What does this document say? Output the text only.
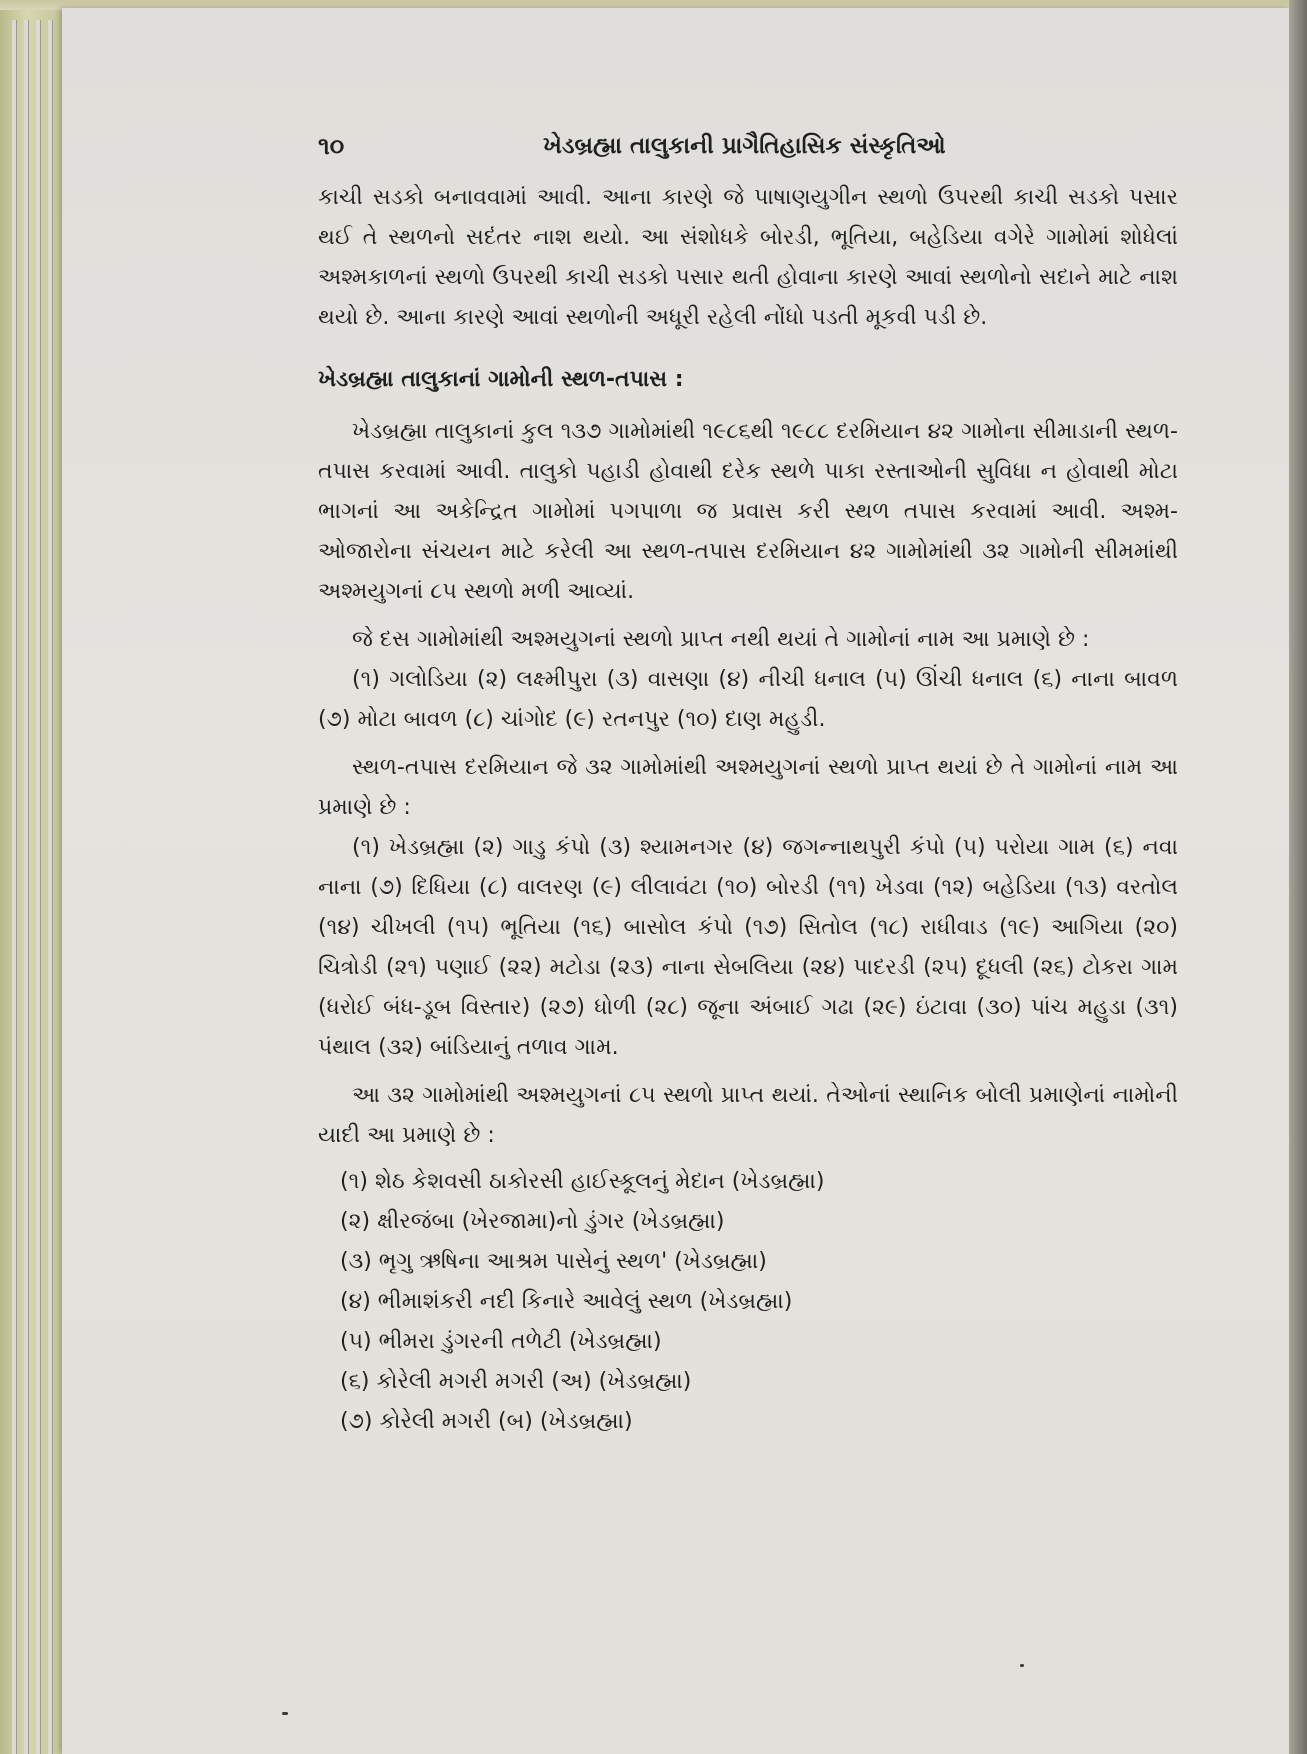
૧૦	ખેડબ્રહ્મા તાલુકાની પ્રાગૈતિહાસિક સંસ્કૃતિઓ

કાચી સડકો બનાવવામાં આવી. આના કારણે જે પાષાણયુગીન સ્થળો ઉપરથી કાચી સડકો પસાર થઈ તે સ્થળનો સદંતર નાશ થયો. આ સંશોધકે બોરડી, ભૂતિયા, બહેડિયા વગેરે ગામોમાં શોધેલાં અશ્મકાળનાં સ્થળો ઉપરથી કાચી સડકો પસાર થતી હોવાના કારણે આવાં સ્થળોનો સદાને માટે નાશ થયો છે. આના કારણે આવાં સ્થળોની અધૂરી રહેલી નોંધો પડતી મૂકવી પડી છે.

ખેડબ્રહ્મા તાલુકાનાં ગામોની સ્થળ-તપાસ :

ખેડબ્રહ્મા તાલુકાનાં કુલ ૧૩૭ ગામોમાંથી ૧૯૮૬થી ૧૯૮૮ દરમિયાન ૪૨ ગામોના સીમાડાની સ્થળ-તપાસ કરવામાં આવી. તાલુકો પહાડી હોવાથી દરેક સ્થળે પાકા રસ્તાઓની સુવિધા ન હોવાથી મોટા ભાગનાં આ અકેન્દ્રિત ગામોમાં પગપાળા જ પ્રવાસ કરી સ્થળ તપાસ કરવામાં આવી. અશ્મ-ઓજારોના સંચયન માટે કરેલી આ સ્થળ-તપાસ દરમિયાન ૪૨ ગામોમાંથી ૩૨ ગામોની સીમમાંથી અશ્મયુગનાં ૮૫ સ્થળો મળી આવ્યાં.

જે દસ ગામોમાંથી અશ્મયુગનાં સ્થળો પ્રાપ્ત નથી થયાં તે ગામોનાં નામ આ પ્રમાણે છે :

(૧) ગલોડિયા (૨) લક્ષ્મીપુરા (૩) વાસણા (૪) નીચી ધનાલ (૫) ઊંચી ધનાલ (૬) નાના બાવળ (૭) મોટા બાવળ (૮) ચાંગોદ (૯) રતનપુર (૧૦) દાણ મહુડી.

સ્થળ-તપાસ દરમિયાન જે ૩૨ ગામોમાંથી અશ્મયુગનાં સ્થળો પ્રાપ્ત થયાં છે તે ગામોનાં નામ આ પ્રમાણે છે :

(૧) ખેડબ્રહ્મા (૨) ગાડુ કંપો (૩) શ્યામનગર (૪) જગન્નાથપુરી કંપો (૫) પરોયા ગામ (૬) નવા નાના (૭) દિધિયા (૮) વાલરણ (૯) લીલાવંટા (૧૦) બોરડી (૧૧) ખેડવા (૧૨) બહેડિયા (૧૩) વરતોલ (૧૪) ચીખલી (૧૫) ભૂતિયા (૧૬) બાસોલ કંપો (૧૭) સિતોલ (૧૮) રાધીવાડ (૧૯) આગિયા (૨૦) ચિત્રોડી (૨૧) પણાઈ (૨૨) મટોડા (૨૩) નાના સેબલિયા (૨૪) પાદરડી (૨૫) દૂધલી (૨૬) ટોકરા ગામ (ધરોઈ બંધ-ડૂબ વિસ્તાર) (૨૭) ધોળી (૨૮) જૂના અંબાઈ ગઢા (૨૯) ઇંટાવા (૩૦) પાંચ મહુડા (૩૧) પંથાલ (૩૨) બાંડિયાનું તળાવ ગામ.

આ ૩૨ ગામોમાંથી અશ્મયુગનાં ૮૫ સ્થળો પ્રાપ્ત થયાં. તેઓનાં સ્થાનિક બોલી પ્રમાણેનાં નામોની યાદી આ પ્રમાણે છે :

(૧) શેઠ કેશવસી ઠાકોરસી હાઈસ્કૂલનું મેદાન (ખેડબ્રહ્મા)
(૨) ક્ષીરજંબા (ખેરજામા)નો ડુંગર (ખેડબ્રહ્મા)
(૩) ભૃગુ ઋષિના આશ્રમ પાસેનું સ્થળ' (ખેડબ્રહ્મા)
(૪) ભીમાશંકરી નદી કિનારે આવેલું સ્થળ (ખેડબ્રહ્મા)
(૫) ભીમરા ડુંગરની તળેટી (ખેડબ્રહ્મા)
(૬) કોરેલી મગરી મગરી (અ) (ખેડબ્રહ્મા)
(૭) કોરેલી મગરી (બ) (ખેડબ્રહ્મા)
